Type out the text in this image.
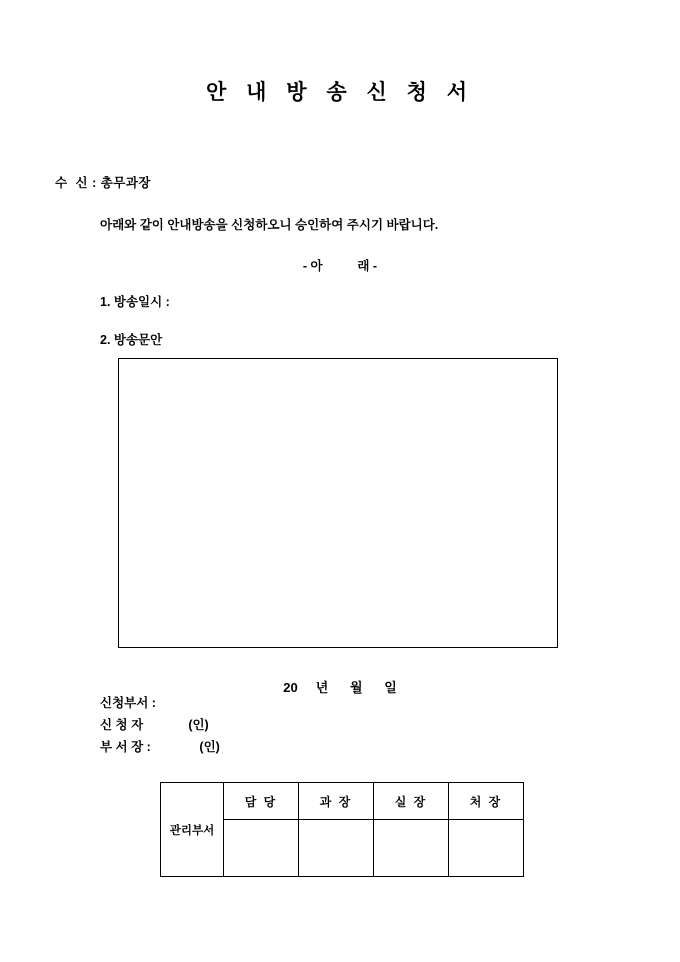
안 내 방 송 신 청 서
수  신 : 총무과장
아래와 같이 안내방송을 신청하오니 승인하여 주시기 바랍니다.
- 아          래 -
1. 방송일시 :
2. 방송문안
20     년      월      일
신청부서 :
신 청 자             (인)
부 서 장 :              (인)
관리부서	담 당	과 장	실 장	처 장
